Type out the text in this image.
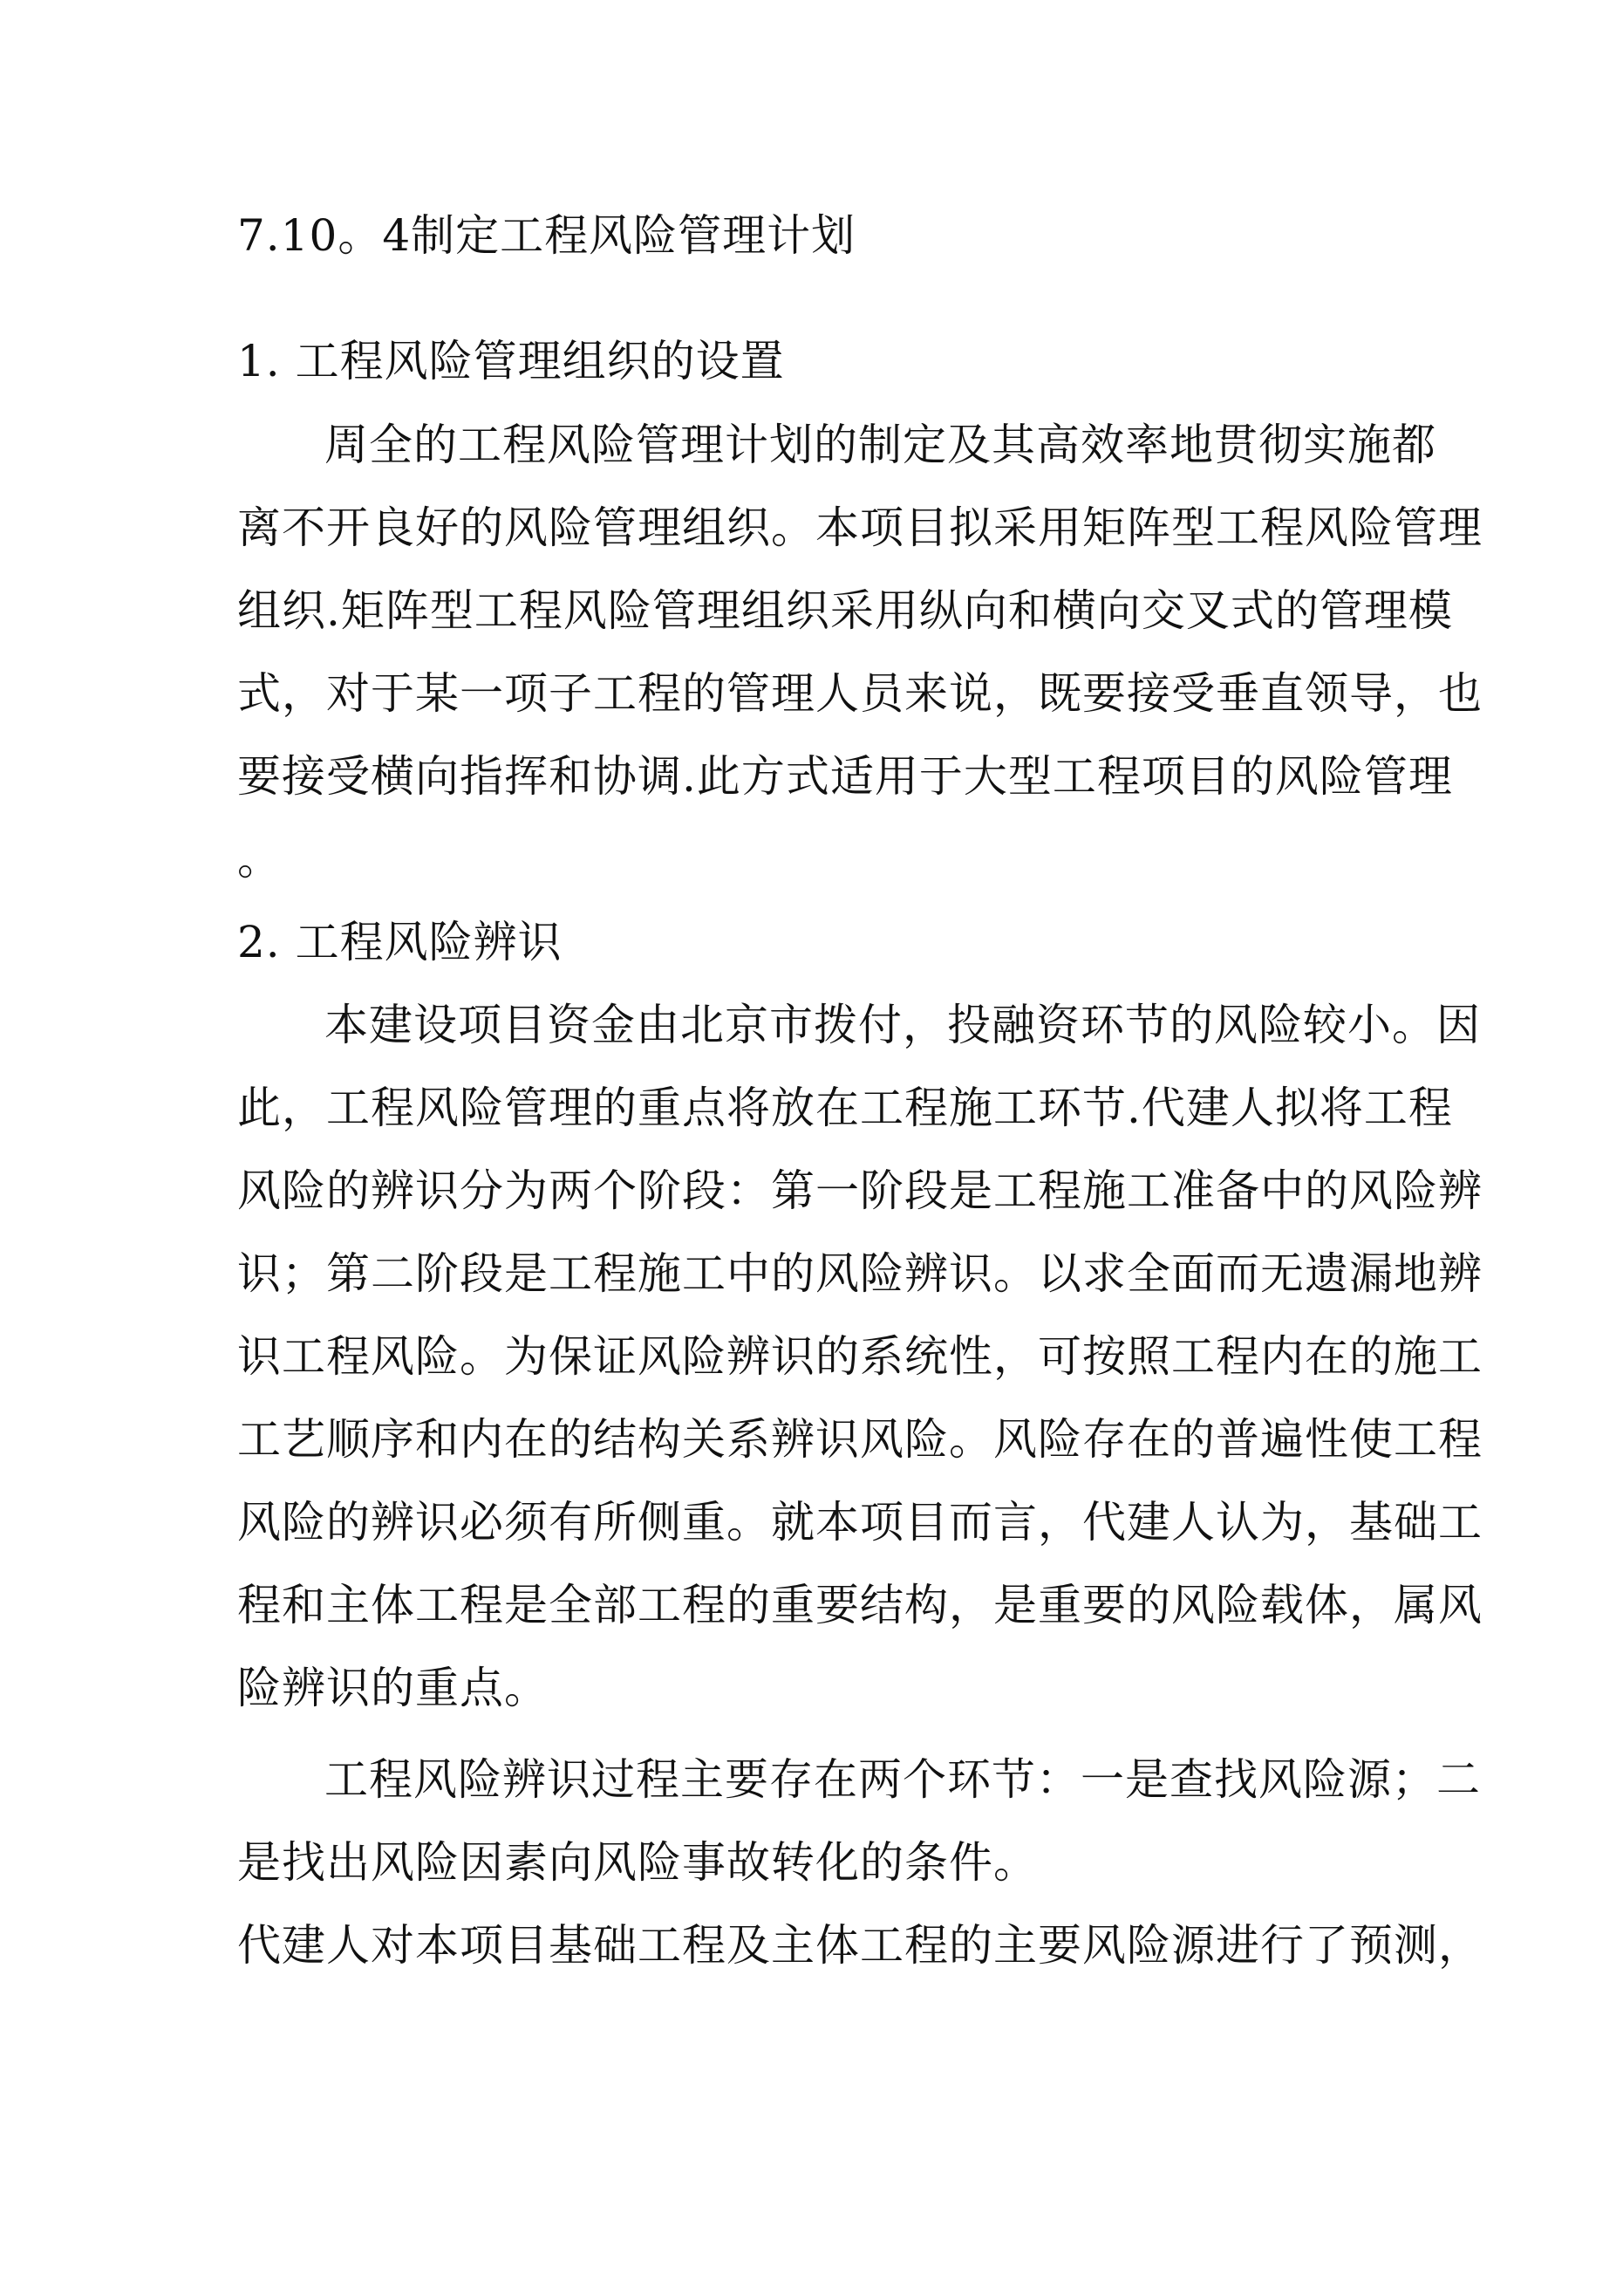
7.10。4制定工程风险管理计划
1. 工程风险管理组织的设置
周全的工程风险管理计划的制定及其高效率地贯彻实施都
离不开良好的风险管理组织。本项目拟采用矩阵型工程风险管理
组织.矩阵型工程风险管理组织采用纵向和横向交叉式的管理模
式，对于某一项子工程的管理人员来说，既要接受垂直领导，也
要接受横向指挥和协调.此方式适用于大型工程项目的风险管理
。
2. 工程风险辨识
本建设项目资金由北京市拨付，投融资环节的风险较小。因
此，工程风险管理的重点将放在工程施工环节.代建人拟将工程
风险的辨识分为两个阶段：第一阶段是工程施工准备中的风险辨
识；第二阶段是工程施工中的风险辨识。以求全面而无遗漏地辨
识工程风险。为保证风险辨识的系统性，可按照工程内在的施工
工艺顺序和内在的结构关系辨识风险。风险存在的普遍性使工程
风险的辨识必须有所侧重。就本项目而言，代建人认为，基础工
程和主体工程是全部工程的重要结构，是重要的风险载体，属风
险辨识的重点。
工程风险辨识过程主要存在两个环节：一是查找风险源；二
是找出风险因素向风险事故转化的条件。
代建人对本项目基础工程及主体工程的主要风险源进行了预测，
